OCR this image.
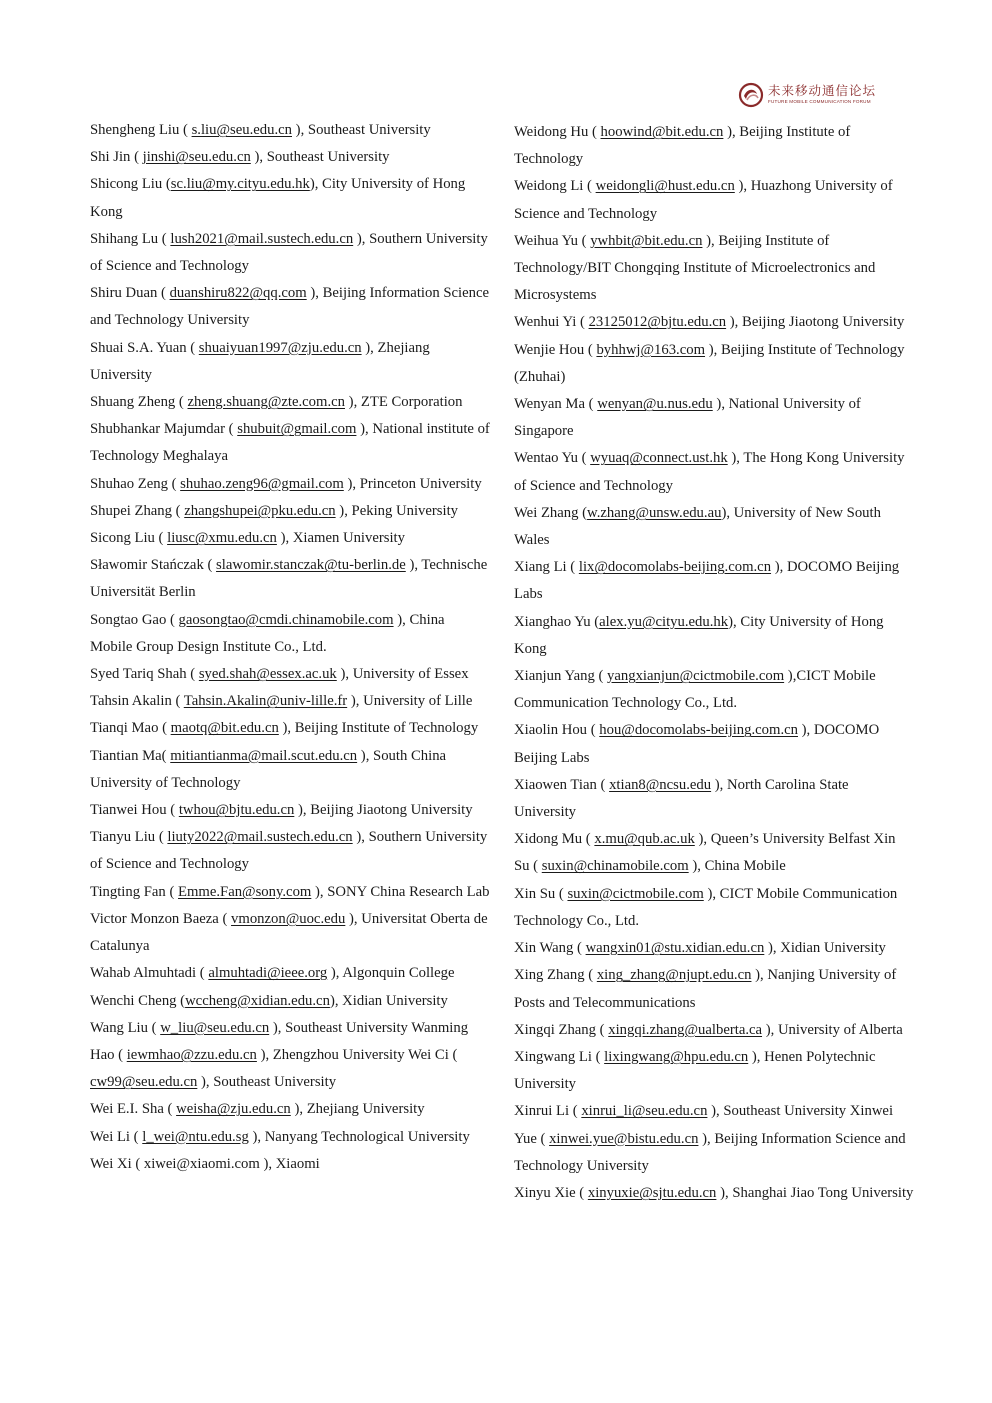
未来移动通信论坛
FUTURE MOBILE COMMUNICATION FORUM

Shengheng Liu ( s.liu@seu.edu.cn ), Southeast University

Shi Jin ( jinshi@seu.edu.cn ), Southeast University

Shicong Liu (sc.liu@my.cityu.edu.hk), City University of Hong Kong

Shihang Lu ( lush2021@mail.sustech.edu.cn ), Southern University of Science and Technology

Shiru Duan ( duanshiru822@qq.com ), Beijing Information Science and Technology University

Shuai S.A. Yuan ( shuaiyuan1997@zju.edu.cn ), Zhejiang University

Shuang Zheng ( zheng.shuang@zte.com.cn ), ZTE Corporation

Shubhankar Majumdar ( shubuit@gmail.com ), National institute of Technology Meghalaya

Shuhao Zeng ( shuhao.zeng96@gmail.com ), Princeton University

Shupei Zhang ( zhangshupei@pku.edu.cn ), Peking University

Sicong Liu ( liusc@xmu.edu.cn ), Xiamen University

Sławomir Stańczak ( slawomir.stanczak@tu-berlin.de ), Technische Universität Berlin

Songtao Gao ( gaosongtao@cmdi.chinamobile.com ), China Mobile Group Design Institute Co., Ltd.

Syed Tariq Shah ( syed.shah@essex.ac.uk ), University of Essex

Tahsin Akalin ( Tahsin.Akalin@univ-lille.fr ), University of Lille

Tianqi Mao ( maotq@bit.edu.cn ), Beijing Institute of Technology

Tiantian Ma( mitiantianma@mail.scut.edu.cn ), South China University of Technology

Tianwei Hou ( twhou@bjtu.edu.cn ), Beijing Jiaotong University

Tianyu Liu ( liuty2022@mail.sustech.edu.cn ), Southern University of Science and Technology

Tingting Fan ( Emme.Fan@sony.com ), SONY China Research Lab

Victor Monzon Baeza ( vmonzon@uoc.edu ), Universitat Oberta de Catalunya

Wahab Almuhtadi ( almuhtadi@ieee.org ), Algonquin College

Wenchi Cheng (wccheng@xidian.edu.cn), Xidian University

Wang Liu ( w_liu@seu.edu.cn ), Southeast University Wanming Hao ( iewmhao@zzu.edu.cn ), Zhengzhou University Wei Ci ( cw99@seu.edu.cn ), Southeast University

Wei E.I. Sha ( weisha@zju.edu.cn ), Zhejiang University

Wei Li ( l_wei@ntu.edu.sg ), Nanyang Technological University

Wei Xi ( xiwei@xiaomi.com ), Xiaomi

Weidong Hu ( hoowind@bit.edu.cn ), Beijing Institute of Technology

Weidong Li ( weidongli@hust.edu.cn ), Huazhong University of Science and Technology

Weihua Yu ( ywhbit@bit.edu.cn ), Beijing Institute of Technology/BIT Chongqing Institute of Microelectronics and Microsystems

Wenhui Yi ( 23125012@bjtu.edu.cn ), Beijing Jiaotong University

Wenjie Hou ( byhhwj@163.com ), Beijing Institute of Technology (Zhuhai)

Wenyan Ma ( wenyan@u.nus.edu ), National University of Singapore

Wentao Yu ( wyuaq@connect.ust.hk ), The Hong Kong University of Science and Technology

Wei Zhang (w.zhang@unsw.edu.au), University of New South Wales

Xiang Li ( lix@docomolabs-beijing.com.cn ), DOCOMO Beijing Labs

Xianghao Yu (alex.yu@cityu.edu.hk), City University of Hong Kong

Xianjun Yang ( yangxianjun@cictmobile.com ),CICT Mobile Communication Technology Co., Ltd.

Xiaolin Hou ( hou@docomolabs-beijing.com.cn ), DOCOMO Beijing Labs

Xiaowen Tian ( xtian8@ncsu.edu ), North Carolina State University

Xidong Mu ( x.mu@qub.ac.uk ), Queen’s University Belfast Xin Su ( suxin@chinamobile.com ), China Mobile

Xin Su ( suxin@cictmobile.com ), CICT Mobile Communication Technology Co., Ltd.

Xin Wang ( wangxin01@stu.xidian.edu.cn ), Xidian University

Xing Zhang ( xing_zhang@njupt.edu.cn ), Nanjing University of Posts and Telecommunications

Xingqi Zhang ( xingqi.zhang@ualberta.ca ), University of Alberta

Xingwang Li ( lixingwang@hpu.edu.cn ), Henen Polytechnic University

Xinrui Li ( xinrui_li@seu.edu.cn ), Southeast University Xinwei Yue ( xinwei.yue@bistu.edu.cn ), Beijing Information Science and Technology University

Xinyu Xie ( xinyuxie@sjtu.edu.cn ), Shanghai Jiao Tong University
